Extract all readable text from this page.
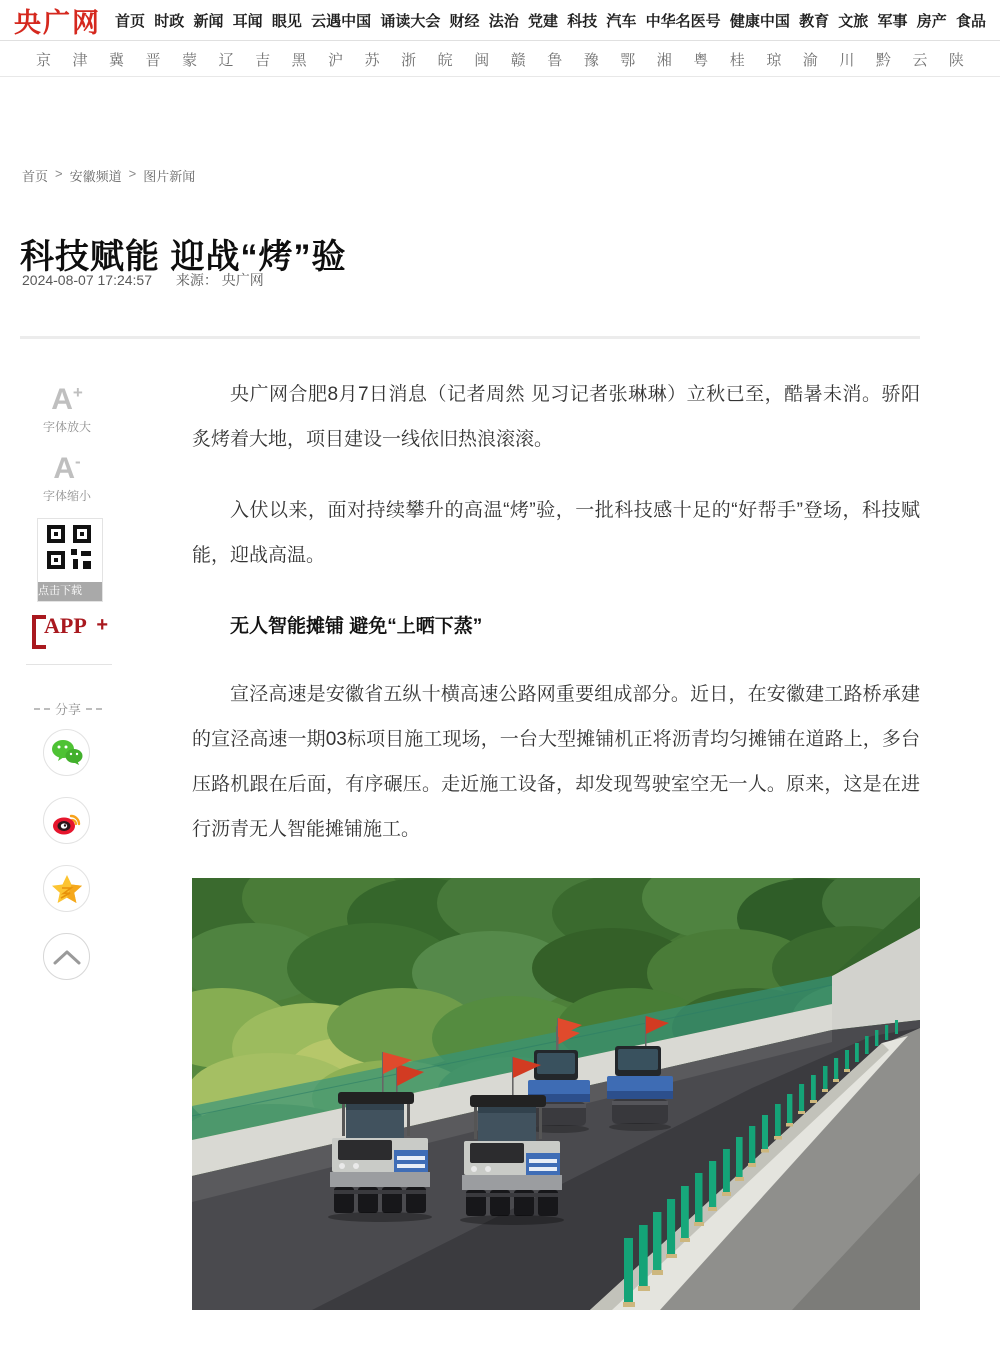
央广网 首页 时政 新闻 耳闻 眼见 云遇中国 诵读大会 财经 法治 党建 科技 汽车 中华名医号 健康中国 教育 文旅 军事 房产 食品
京 津 冀 晋 蒙 辽 吉 黑 沪 苏 浙 皖 闽 赣 鲁 豫 鄂 湘 粤 桂 琼 渝 川 黔 云 陕
首页 > 安徽频道 > 图片新闻
科技赋能 迎战“烤”验
2024-08-07 17:24:57 来源： 央广网
A+
字体放大
A-
字体缩小
点击下载
APP +
分享

央广网合肥8月7日消息（记者周然 见习记者张琳琳）立秋已至，酷暑未消。骄阳炙烤着大地，项目建设一线依旧热浪滚滚。

入伏以来，面对持续攀升的高温“烤”验，一批科技感十足的“好帮手”登场，科技赋能，迎战高温。

无人智能摊铺 避免“上晒下蒸”

宣泾高速是安徽省五纵十横高速公路网重要组成部分。近日，在安徽建工路桥承建的宣泾高速一期03标项目施工现场，一台大型摊铺机正将沥青均匀摊铺在道路上，多台压路机跟在后面，有序碾压。走近施工设备，却发现驾驶室空无一人。原来，这是在进行沥青无人智能摊铺施工。
